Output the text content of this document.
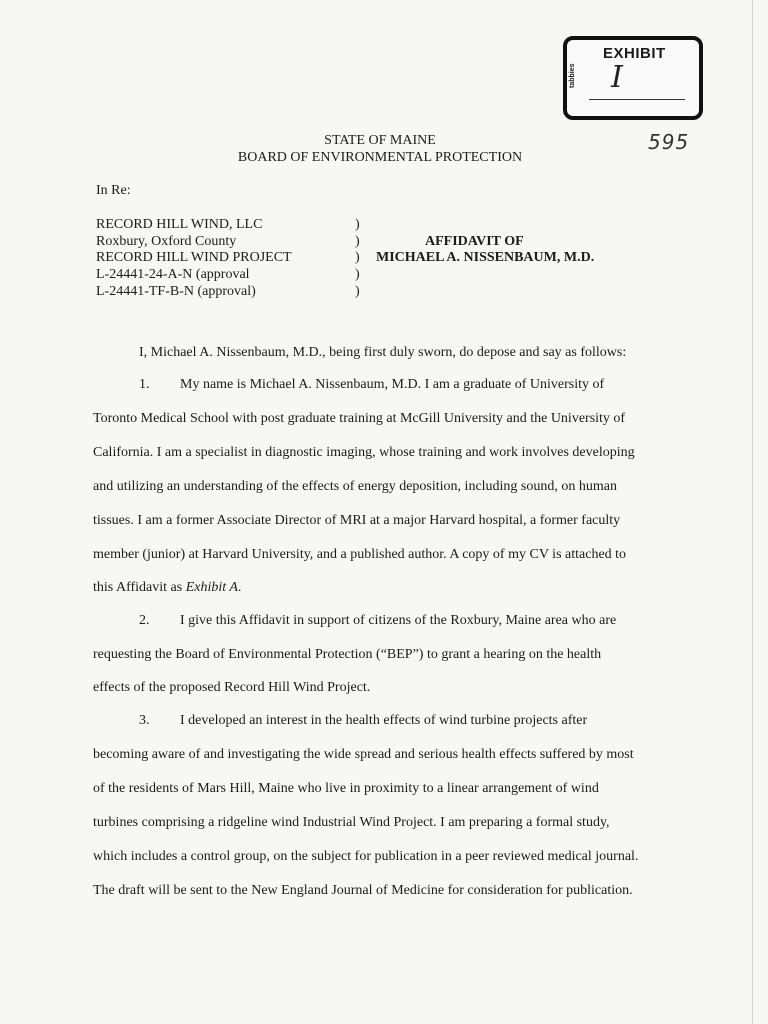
EXHIBIT
tabbies I
595
STATE OF MAINE
BOARD OF ENVIRONMENTAL PROTECTION
In Re:
RECORD HILL WIND, LLC
Roxbury, Oxford County
RECORD HILL WIND PROJECT
L-24441-24-A-N (approval
L-24441-TF-B-N (approval)
)
)
)
)
)
AFFIDAVIT OF
MICHAEL A. NISSENBAUM, M.D.
I, Michael A. Nissenbaum, M.D., being first duly sworn, do depose and say as follows:
1. My name is Michael A. Nissenbaum, M.D. I am a graduate of University of
Toronto Medical School with post graduate training at McGill University and the University of
California. I am a specialist in diagnostic imaging, whose training and work involves developing
and utilizing an understanding of the effects of energy deposition, including sound, on human
tissues. I am a former Associate Director of MRI at a major Harvard hospital, a former faculty
member (junior) at Harvard University, and a published author. A copy of my CV is attached to
this Affidavit as Exhibit A.
2. I give this Affidavit in support of citizens of the Roxbury, Maine area who are
requesting the Board of Environmental Protection (“BEP”) to grant a hearing on the health
effects of the proposed Record Hill Wind Project.
3. I developed an interest in the health effects of wind turbine projects after
becoming aware of and investigating the wide spread and serious health effects suffered by most
of the residents of Mars Hill, Maine who live in proximity to a linear arrangement of wind
turbines comprising a ridgeline wind Industrial Wind Project. I am preparing a formal study,
which includes a control group, on the subject for publication in a peer reviewed medical journal.
The draft will be sent to the New England Journal of Medicine for consideration for publication.
